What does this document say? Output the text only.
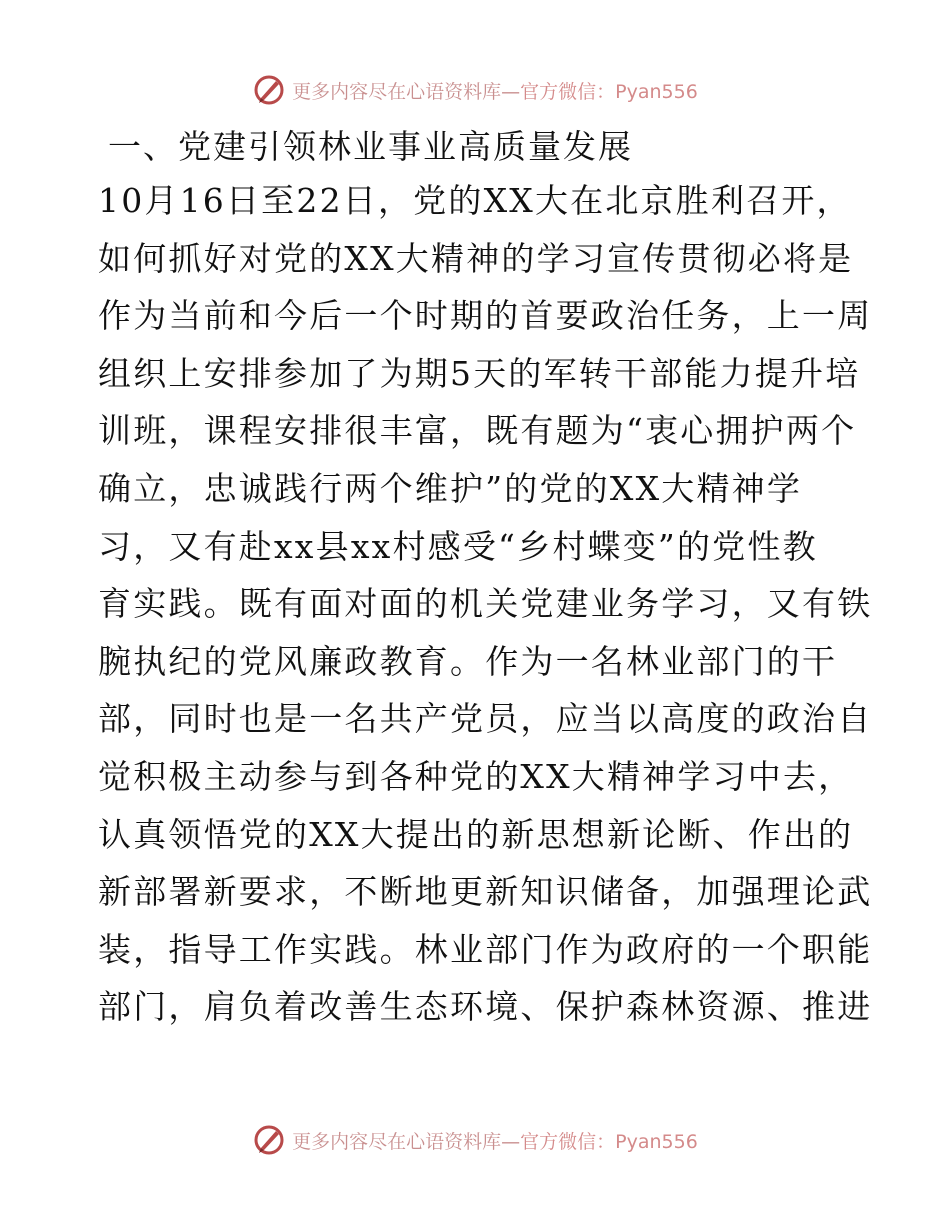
更多内容尽在心语资料库—官方微信：Pyan556
一、党建引领林业事业高质量发展
10月16日至22日，党的XX大在北京胜利召开，
如何抓好对党的XX大精神的学习宣传贯彻必将是
作为当前和今后一个时期的首要政治任务，上一周
组织上安排参加了为期5天的军转干部能力提升培
训班，课程安排很丰富，既有题为“衷心拥护两个
确立，忠诚践行两个维护”的党的XX大精神学
习，又有赴xx县xx村感受“乡村蝶变”的党性教
育实践。既有面对面的机关党建业务学习，又有铁
腕执纪的党风廉政教育。作为一名林业部门的干
部，同时也是一名共产党员，应当以高度的政治自
觉积极主动参与到各种党的XX大精神学习中去，
认真领悟党的XX大提出的新思想新论断、作出的
新部署新要求，不断地更新知识储备，加强理论武
装，指导工作实践。林业部门作为政府的一个职能
部门，肩负着改善生态环境、保护森林资源、推进
更多内容尽在心语资料库—官方微信：Pyan556
